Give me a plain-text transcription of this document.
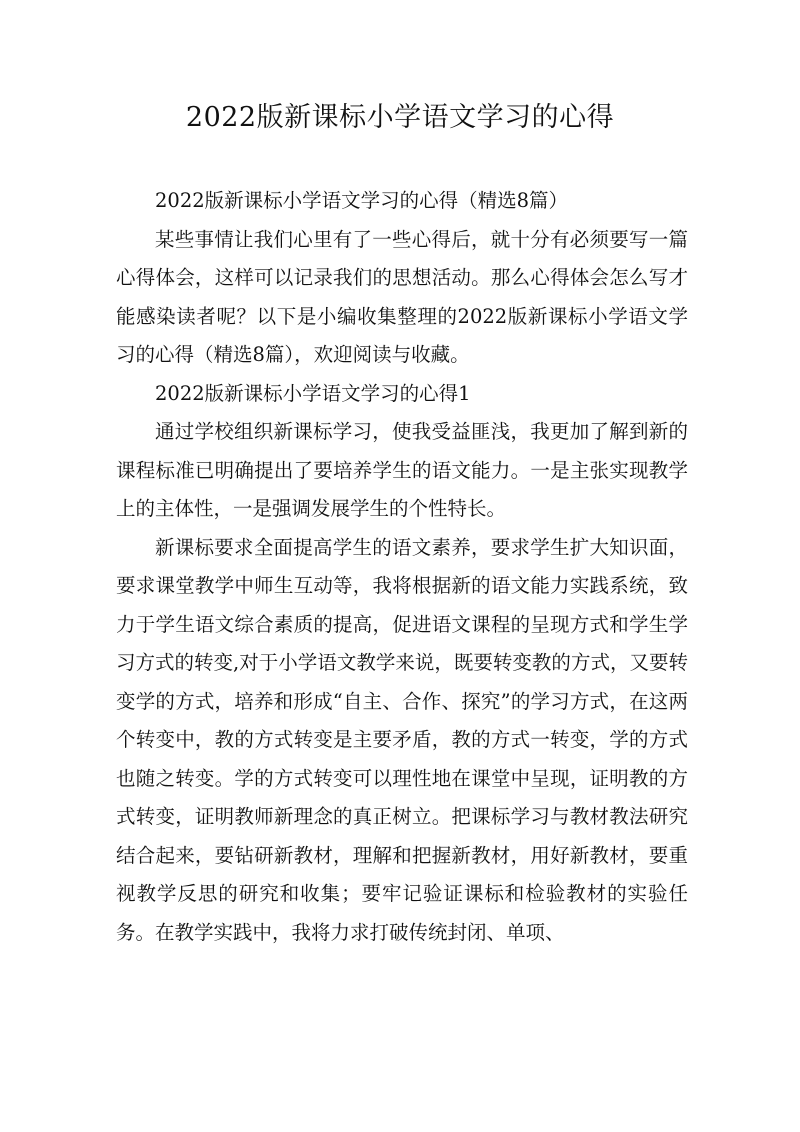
2022版新课标小学语文学习的心得

2022版新课标小学语文学习的心得（精选8篇）

某些事情让我们心里有了一些心得后，就十分有必须要写一篇心得体会，这样可以记录我们的思想活动。那么心得体会怎么写才能感染读者呢？以下是小编收集整理的2022版新课标小学语文学习的心得（精选8篇），欢迎阅读与收藏。

2022版新课标小学语文学习的心得1

通过学校组织新课标学习，使我受益匪浅，我更加了解到新的课程标准已明确提出了要培养学生的语文能力。一是主张实现教学上的主体性，一是强调发展学生的个性特长。

新课标要求全面提高学生的语文素养，要求学生扩大知识面，要求课堂教学中师生互动等，我将根据新的语文能力实践系统，致力于学生语文综合素质的提高，促进语文课程的呈现方式和学生学习方式的转变,对于小学语文教学来说，既要转变教的方式，又要转变学的方式，培养和形成“自主、合作、探究”的学习方式，在这两个转变中，教的方式转变是主要矛盾，教的方式一转变，学的方式也随之转变。学的方式转变可以理性地在课堂中呈现，证明教的方式转变，证明教师新理念的真正树立。把课标学习与教材教法研究结合起来，要钻研新教材，理解和把握新教材，用好新教材，要重视教学反思的研究和收集；要牢记验证课标和检验教材的实验任务。在教学实践中，我将力求打破传统封闭、单项、
